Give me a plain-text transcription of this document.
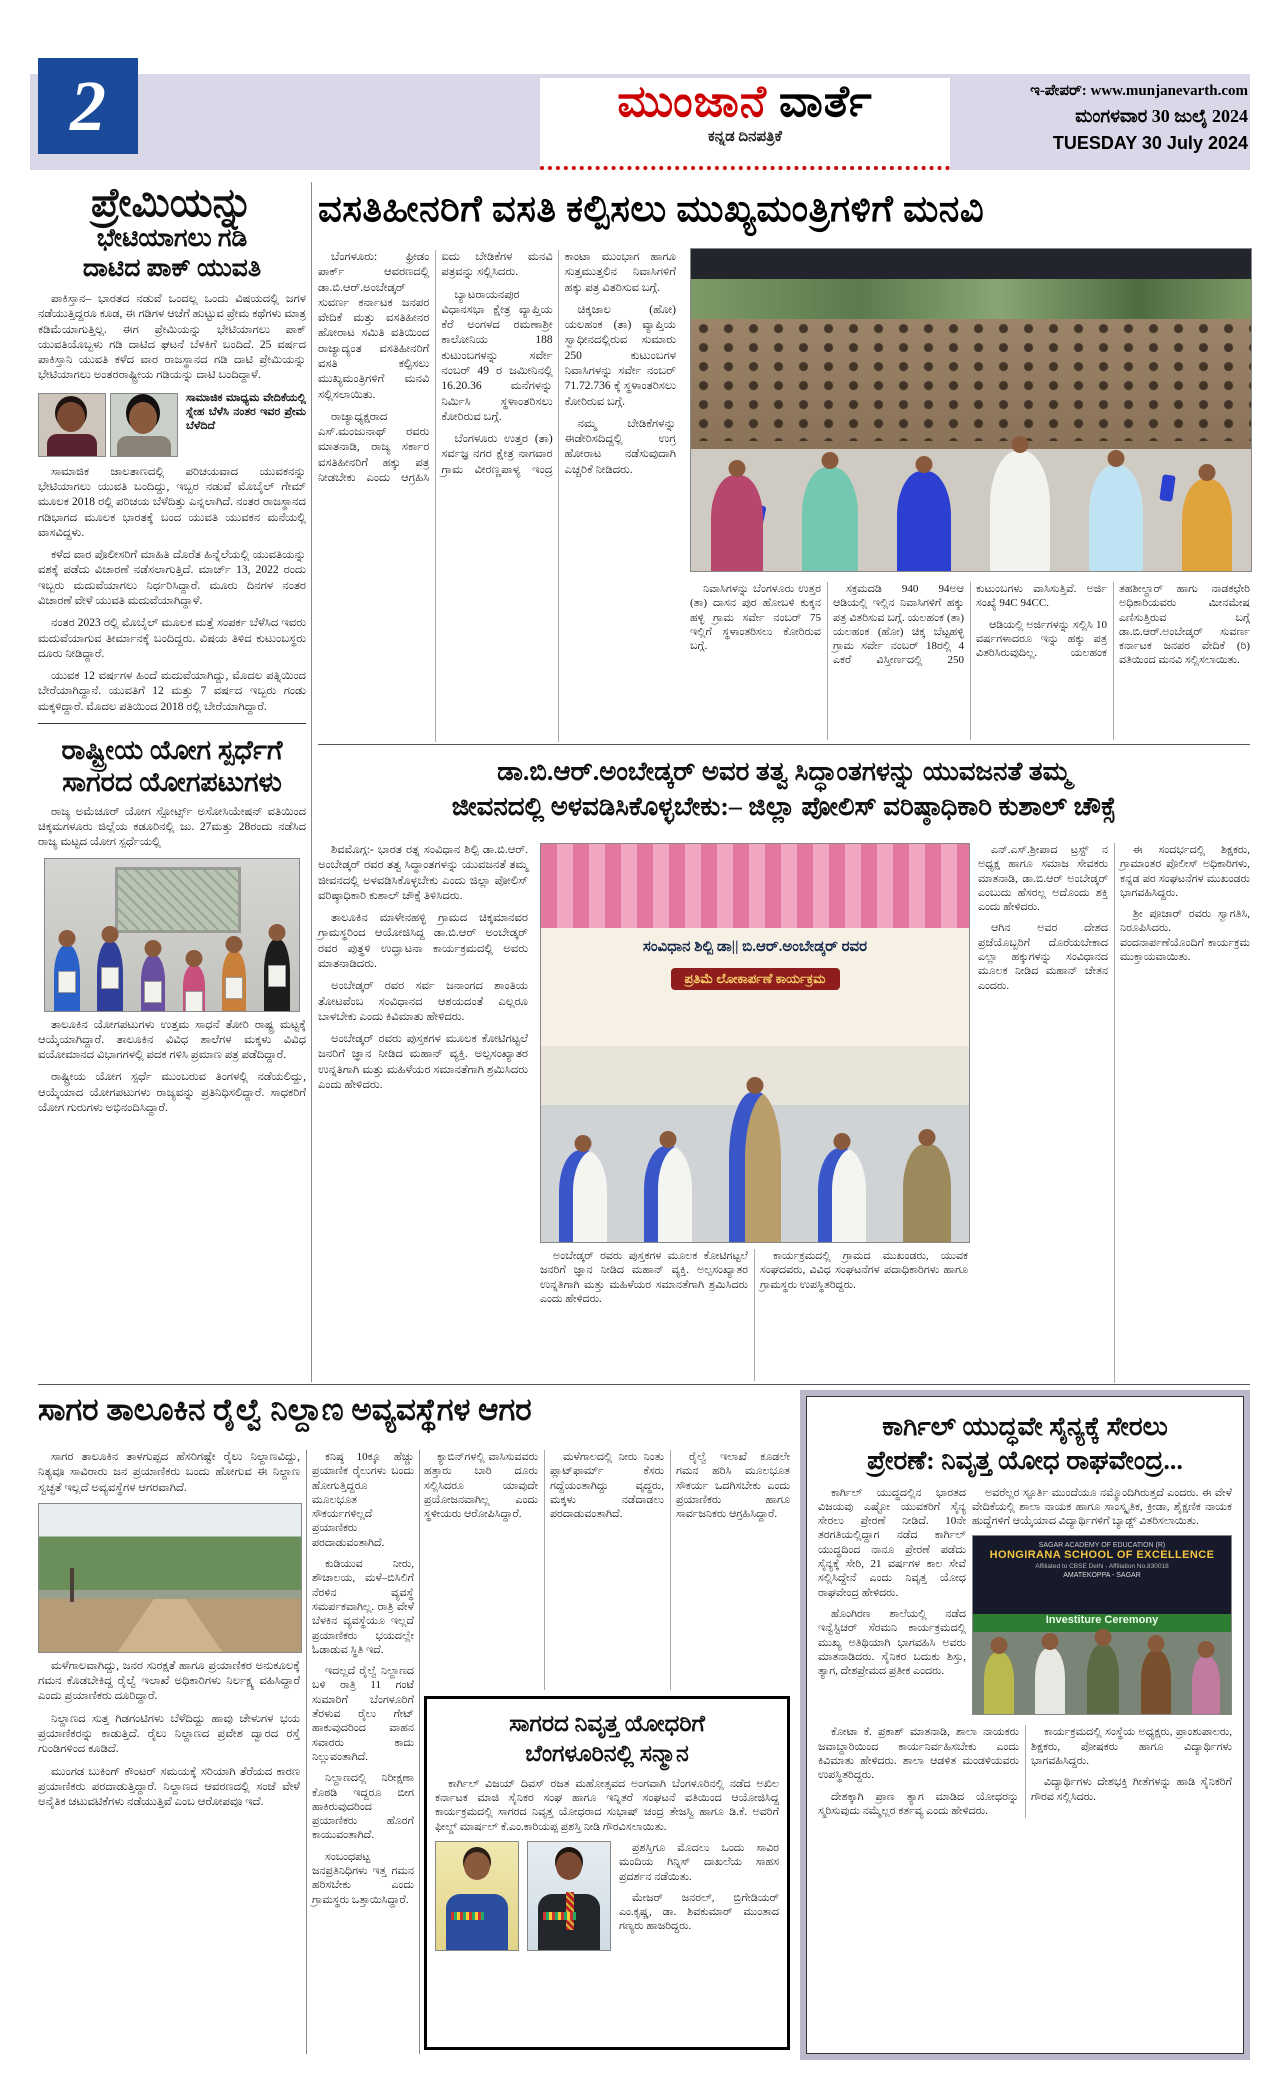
2	ಮುಂಜಾನೆ ವಾರ್ತೆ
ಕನ್ನಡ ದಿನಪತ್ರಿಕೆ
ಇ-ಪೇಪರ್: www.munjanevarth.com
ಮಂಗಳವಾರ 30 ಜುಲೈ 2024
TUESDAY 30 July 2024
ಪ್ರೇಮಿಯನ್ನು
ಭೇಟಿಯಾಗಲು ಗಡಿ
ದಾಟಿದ ಪಾಕ್ ಯುವತಿ

ಪಾಕಿಸ್ತಾನ– ಭಾರತದ ನಡುವೆ ಒಂದಲ್ಲ ಒಂದು ವಿಷಯದಲ್ಲಿ ಜಗಳ ನಡೆಯುತ್ತಿದ್ದರೂ ಕೂಡ, ಈ ಗಡಿಗಳ ಆಚೆಗೆ ಹುಟ್ಟುವ ಪ್ರೇಮ ಕಥೆಗಳು ಮಾತ್ರ ಕಡಿಮೆಯಾಗುತ್ತಿಲ್ಲ. ಈಗ ಪ್ರೇಮಿಯನ್ನು ಭೇಟಿಯಾಗಲು ಪಾಕ್ ಯುವತಿಯೊಬ್ಬಳು ಗಡಿ ದಾಟಿದ ಘಟನೆ ಬೆಳಕಿಗೆ ಬಂದಿದೆ. 25 ವರ್ಷದ ಪಾಕಿಸ್ತಾನಿ ಯುವತಿ ಕಳೆದ ವಾರ ರಾಜಸ್ಥಾನದ ಗಡಿ ದಾಟಿ ಪ್ರೇಮಿಯನ್ನು ಭೇಟಿಯಾಗಲು ಅಂತರರಾಷ್ಟ್ರೀಯ ಗಡಿಯನ್ನು ದಾಟಿ ಬಂದಿದ್ದಾಳೆ.

ಸಾಮಾಜಿಕ ಮಾಧ್ಯಮ ವೇದಿಕೆಯಲ್ಲಿ ಸ್ನೇಹ ಬೆಳೆಸಿ ನಂತರ ಇವರ ಪ್ರೇಮ ಬೆಳೆದಿದೆ

ಸಾಮಾಜಿಕ ಜಾಲತಾಣದಲ್ಲಿ ಪರಿಚಯವಾದ ಯುವಕನನ್ನು ಭೇಟಿಯಾಗಲು ಯುವತಿ ಬಂದಿದ್ದು, ಇಬ್ಬರ ನಡುವೆ ಮೊಬೈಲ್ ಗೇಮ್ ಮೂಲಕ 2018 ರಲ್ಲಿ ಪರಿಚಯ ಬೆಳೆದಿತ್ತು ಎನ್ನಲಾಗಿದೆ. ನಂತರ ರಾಜಸ್ಥಾನದ ಗಡಿಭಾಗದ ಮೂಲಕ ಭಾರತಕ್ಕೆ ಬಂದ ಯುವತಿ ಯುವಕನ ಮನೆಯಲ್ಲಿ ವಾಸವಿದ್ದಳು.

ಕಳೆದ ವಾರ ಪೊಲೀಸರಿಗೆ ಮಾಹಿತಿ ದೊರೆತ ಹಿನ್ನೆಲೆಯಲ್ಲಿ ಯುವತಿಯನ್ನು ವಶಕ್ಕೆ ಪಡೆದು ವಿಚಾರಣೆ ನಡೆಸಲಾಗುತ್ತಿದೆ. ಮಾರ್ಚ್ 13, 2022 ರಂದು ಇಬ್ಬರು ಮದುವೆಯಾಗಲು ನಿರ್ಧರಿಸಿದ್ದಾರೆ. ಮೂರು ದಿನಗಳ ನಂತರ ವಿಚಾರಣೆ ವೇಳೆ ಯುವತಿ ಮದುವೆಯಾಗಿದ್ದಾಳೆ.

ನಂತರ 2023 ರಲ್ಲಿ ಮೊಬೈಲ್ ಮೂಲಕ ಮತ್ತೆ ಸಂಪರ್ಕ ಬೆಳೆಸಿದ ಇವರು ಮದುವೆಯಾಗುವ ತೀರ್ಮಾನಕ್ಕೆ ಬಂದಿದ್ದರು. ವಿಷಯ ತಿಳಿದ ಕುಟುಂಬಸ್ಥರು ದೂರು ನೀಡಿದ್ದಾರೆ.

ಯುವಕ 12 ವರ್ಷಗಳ ಹಿಂದೆ ಮದುವೆಯಾಗಿದ್ದು, ಮೊದಲ ಪತ್ನಿಯಿಂದ ಬೇರೆಯಾಗಿದ್ದಾನೆ. ಯುವತಿಗೆ 12 ಮತ್ತು 7 ವರ್ಷದ ಇಬ್ಬರು ಗಂಡು ಮಕ್ಕಳಿದ್ದಾರೆ. ಮೊದಲ ಪತಿಯಿಂದ 2018 ರಲ್ಲಿ ಬೇರೆಯಾಗಿದ್ದಾರೆ.

ರಾಷ್ಟ್ರೀಯ ಯೋಗ ಸ್ಪರ್ಧೆಗೆ
ಸಾಗರದ ಯೋಗಪಟುಗಳು

ರಾಜ್ಯ ಅಮೆಚೂರ್ ಯೋಗ ಸ್ಪೋರ್ಟ್ಸ್ ಅಸೋಸಿಯೇಷನ್ ವತಿಯಿಂದ ಚಿಕ್ಕಮಗಳೂರು ಜಿಲ್ಲೆಯ ಕಡೂರಿನಲ್ಲಿ ಜು. 27ಮತ್ತು 28ರಂದು ನಡೆಸಿದ ರಾಜ್ಯ ಮಟ್ಟದ ಯೋಗ ಸ್ಪರ್ಧೆಯಲ್ಲಿ

ತಾಲೂಕಿನ ಯೋಗಪಟುಗಳು ಉತ್ತಮ ಸಾಧನೆ ತೋರಿ ರಾಷ್ಟ್ರ ಮಟ್ಟಕ್ಕೆ ಆಯ್ಕೆಯಾಗಿದ್ದಾರೆ. ತಾಲೂಕಿನ ವಿವಿಧ ಶಾಲೆಗಳ ಮಕ್ಕಳು ವಿವಿಧ ವಯೋಮಾನದ ವಿಭಾಗಗಳಲ್ಲಿ ಪದಕ ಗಳಿಸಿ ಪ್ರಮಾಣ ಪತ್ರ ಪಡೆದಿದ್ದಾರೆ.

ರಾಷ್ಟ್ರೀಯ ಯೋಗ ಸ್ಪರ್ಧೆ ಮುಂಬರುವ ತಿಂಗಳಲ್ಲಿ ನಡೆಯಲಿದ್ದು, ಆಯ್ಕೆಯಾದ ಯೋಗಪಟುಗಳು ರಾಜ್ಯವನ್ನು ಪ್ರತಿನಿಧಿಸಲಿದ್ದಾರೆ. ಸಾಧಕರಿಗೆ ಯೋಗ ಗುರುಗಳು ಅಭಿನಂದಿಸಿದ್ದಾರೆ.

ವಸತಿಹೀನರಿಗೆ ವಸತಿ ಕಲ್ಪಿಸಲು ಮುಖ್ಯಮಂತ್ರಿಗಳಿಗೆ ಮನವಿ

ಬೆಂಗಳೂರು: ಫ್ರೀಡಂ ಪಾರ್ಕ್ ಆವರಣದಲ್ಲಿ ಡಾ.ಬಿ.ಆರ್.ಅಂಬೇಡ್ಕರ್ ಸುವರ್ಣ ಕರ್ನಾಟಕ ಜನಪರ ವೇದಿಕೆ ಮತ್ತು ವಸತಿಹೀನರ ಹೋರಾಟ ಸಮಿತಿ ವತಿಯಿಂದ ರಾಜ್ಯಾದ್ಯಂತ ವಸತಿಹೀನರಿಗೆ ವಸತಿ ಕಲ್ಪಿಸಲು ಮುಖ್ಯಮಂತ್ರಿಗಳಿಗೆ ಮನವಿ ಸಲ್ಲಿಸಲಾಯಿತು.

ರಾಜ್ಯಾಧ್ಯಕ್ಷರಾದ ಎಸ್.ಮಂಜುನಾಥ್ ರವರು ಮಾತನಾಡಿ, ರಾಜ್ಯ ಸರ್ಕಾರ ವಸತಿಹೀನರಿಗೆ ಹಕ್ಕು ಪತ್ರ ನೀಡಬೇಕು ಎಂದು ಆಗ್ರಹಿಸಿ ಐದು ಬೇಡಿಕೆಗಳ ಮನವಿ ಪತ್ರವನ್ನು ಸಲ್ಲಿಸಿದರು.

ಬ್ಯಾಟರಾಯನಪುರ ವಿಧಾನಸಭಾ ಕ್ಷೇತ್ರ ವ್ಯಾಪ್ತಿಯ ಕೆರೆ ಅಂಗಳದ ರಮಣಾಶ್ರೀ ಕಾಲೋನಿಯ 188 ಕುಟುಂಬಗಳನ್ನು ಸರ್ವೇ ನಂಬರ್ 49 ರ ಜಮೀನಿನಲ್ಲಿ 16.20.36 ಮನೆಗಳನ್ನು ನಿರ್ಮಿಸಿ ಸ್ಥಳಾಂತರಿಸಲು ಕೋರಿರುವ ಬಗ್ಗೆ.

ಬೆಂಗಳೂರು ಉತ್ತರ (ತಾ) ಸರ್ವಜ್ಞ ನಗರ ಕ್ಷೇತ್ರ ನಾಗವಾರ ಗ್ರಾಮ ವೀರಣ್ಣಪಾಳ್ಯ ಇಂದ್ರ ಕಾಂಟಾ ಮುಂಭಾಗ ಹಾಗೂ ಸುತ್ತಮುತ್ತಲಿನ ನಿವಾಸಿಗಳಿಗೆ ಹಕ್ಕು ಪತ್ರ ವಿತರಿಸುವ ಬಗ್ಗೆ.

ಚಿಕ್ಕಜಾಲ (ಹೋ) ಯಲಹಂಕ (ತಾ) ವ್ಯಾಪ್ತಿಯ ಸ್ವಾಧೀನದಲ್ಲಿರುವ ಸುಮಾರು 250 ಕುಟುಂಬಗಳ ನಿವಾಸಿಗಳನ್ನು ಸರ್ವೇ ನಂಬರ್ 71.72.736 ಕ್ಕೆ ಸ್ಥಳಾಂತರಿಸಲು ಕೋರಿರುವ ಬಗ್ಗೆ.

ನಮ್ಮ ಬೇಡಿಕೆಗಳನ್ನು ಈಡೇರಿಸದಿದ್ದಲ್ಲಿ ಉಗ್ರ ಹೋರಾಟ ನಡೆಸುವುದಾಗಿ ಎಚ್ಚರಿಕೆ ನೀಡಿದರು.

ನಿವಾಸಿಗಳನ್ನು ಬೆಂಗಳೂರು ಉತ್ತರ (ತಾ) ದಾಸನ ಪುರ ಹೋಬಳಿ ಕುಕ್ಕನ ಹಳ್ಳಿ ಗ್ರಾಮ ಸರ್ವೇ ನಂಬರ್ 75 ಇಲ್ಲಿಗೆ ಸ್ಥಳಾಂತರಿಸಲು ಕೋರಿರುವ ಬಗ್ಗೆ.

ಸಕ್ರಮದಡಿ 940 94ಅಆ ಆಡಿಯಲ್ಲಿ ಇಲ್ಲಿನ ನಿವಾಸಿಗಳಿಗೆ ಹಕ್ಕು ಪತ್ರ ವಿತರಿಸುವ ಬಗ್ಗೆ. ಯಲಹಂಕ (ತಾ) ಯಲಹಂಕ (ಹೋ) ಚಿಕ್ಕ ಬೆಟ್ಟಹಳ್ಳಿ ಗ್ರಾಮ ಸರ್ವೇ ನಂಬರ್ 18ರಲ್ಲಿ 4 ಎಕರೆ ವಿಸ್ತೀರ್ಣದಲ್ಲಿ 250 ಕುಟುಂಬಗಳು ವಾಸಿಸುತ್ತಿವೆ. ಅರ್ಜಿ ಸಂಖ್ಯೆ 94C 94CC.

ಆಡಿಯಲ್ಲಿ ಅರ್ಜಿಗಳನ್ನು ಸಲ್ಲಿಸಿ 10 ವರ್ಷಗಳಾದರೂ ಇನ್ನು ಹಕ್ಕು ಪತ್ರ ವಿತರಿಸಿರುವುದಿಲ್ಲ. ಯಲಹಂಕ ತಹಶೀಲ್ದಾರ್ ಹಾಗು ನಾಡಕಛೇರಿ ಅಧಿಕಾರಿಯವರು ಮೀನಮೇಷ ಎಣಿಸುತ್ತಿರುವ ಬಗ್ಗೆ ಡಾ.ಬಿ.ಆರ್.ಅಂಬೇಡ್ಕರ್ ಸುವರ್ಣ ಕರ್ನಾಟಕ ಜನಪರ ವೇದಿಕೆ (ರಿ) ವತಿಯಿಂದ ಮನವಿ ಸಲ್ಲಿಸಲಾಯಿತು.

ಡಾ.ಬಿ.ಆರ್.ಅಂಬೇಡ್ಕರ್ ಅವರ ತತ್ವ ಸಿದ್ಧಾಂತಗಳನ್ನು ಯುವಜನತೆ ತಮ್ಮ
ಜೀವನದಲ್ಲಿ ಅಳವಡಿಸಿಕೊಳ್ಳಬೇಕು:– ಜಿಲ್ಲಾ ಪೋಲಿಸ್ ವರಿಷ್ಠಾಧಿಕಾರಿ ಕುಶಾಲ್ ಚೌಕ್ಸೆ

ಶಿವಮೊಗ್ಗ:- ಭಾರತ ರತ್ನ ಸಂವಿಧಾನ ಶಿಲ್ಪಿ ಡಾ.ಬಿ.ಆರ್. ಅಂಬೇಡ್ಕರ್ ರವರ ತತ್ವ ಸಿದ್ಧಾಂತಗಳನ್ನು ಯುವಜನತೆ ತಮ್ಮ ಜೀವನದಲ್ಲಿ ಅಳವಡಿಸಿಕೊಳ್ಳಬೇಕು ಎಂದು ಜಿಲ್ಲಾ ಪೋಲಿಸ್ ವರಿಷ್ಠಾಧಿಕಾರಿ ಕುಶಾಲ್ ಚೌಕ್ಸೆ ತಿಳಿಸಿದರು.

ತಾಲೂಕಿನ ಮಾಳೇನಹಳ್ಳಿ ಗ್ರಾಮದ ಚಿಕ್ಕಮಾನವರ ಗ್ರಾಮಸ್ಥರಿಂದ ಆಯೋಜಿಸಿದ್ದ ಡಾ.ಬಿ.ಆರ್ ಅಂಬೇಡ್ಕರ್ ರವರ ಪುತ್ಥಳಿ ಉದ್ಘಾಟನಾ ಕಾರ್ಯಕ್ರಮದಲ್ಲಿ ಅವರು ಮಾತನಾಡಿದರು.

ಅಂಬೇಡ್ಕರ್ ರವರ ಸರ್ವ ಜನಾಂಗದ ಶಾಂತಿಯ ತೋಟವೆಂಬ ಸಂವಿಧಾನದ ಆಶಯದಂತೆ ಎಲ್ಲರೂ ಬಾಳಬೇಕು ಎಂದು ಕಿವಿಮಾತು ಹೇಳಿದರು.

ಅಂಬೇಡ್ಕರ್ ರವರು ಪುಸ್ತಕಗಳ ಮೂಲಕ ಕೋಟಿಗಟ್ಟಲೆ ಜನರಿಗೆ ಜ್ಞಾನ ನೀಡಿದ ಮಹಾನ್ ವ್ಯಕ್ತಿ. ಅಲ್ಪಸಂಖ್ಯಾತರ ಉನ್ನತಿಗಾಗಿ ಮತ್ತು ಮಹಿಳೆಯರ ಸಮಾನತೆಗಾಗಿ ಶ್ರಮಿಸಿದರು ಎಂದು ಹೇಳಿದರು.

ಸಂವಿಧಾನ ಶಿಲ್ಪಿ ಡಾ|| ಬಿ.ಆರ್.ಅಂಬೇಡ್ಕರ್ ರವರ
ಪ್ರತಿಮೆ ಲೋಕಾರ್ಪಣೆ ಕಾರ್ಯಕ್ರಮ

ಎನ್.ಎಸ್.ಶ್ರೀಪಾದ ಟ್ರಸ್ಟ್ ನ ಅಧ್ಯಕ್ಷ ಹಾಗೂ ಸಮಾಜ ಸೇವಕರು ಮಾತನಾಡಿ, ಡಾ.ಬಿ.ಆರ್ ಅಂಬೇಡ್ಕರ್ ಎಂಬುದು ಹೆಸರಲ್ಲ ಅದೊಂದು ಶಕ್ತಿ ಎಂದು ಹೇಳಿದರು.

ಆಗಿನ ಅವರ ದೇಶದ ಪ್ರಜೆಯೊಬ್ಬರಿಗೆ ದೊರೆಯಬೇಕಾದ ಎಲ್ಲಾ ಹಕ್ಕುಗಳನ್ನು ಸಂವಿಧಾನದ ಮೂಲಕ ನೀಡಿದ ಮಹಾನ್ ಚೇತನ ಎಂದರು.

ಈ ಸಂದರ್ಭದಲ್ಲಿ ಶಿಕ್ಷಕರು, ಗ್ರಾಮಾಂತರ ಪೊಲೀಸ್ ಅಧಿಕಾರಿಗಳು, ಕನ್ನಡ ಪರ ಸಂಘಟನೆಗಳ ಮುಖಂಡರು ಭಾಗವಹಿಸಿದ್ದರು.

ಶ್ರೀ ಪೂಜಾರ್ ರವರು ಸ್ವಾಗತಿಸಿ, ನಿರೂಪಿಸಿದರು. ವಂದನಾರ್ಪಣೆಯೊಂದಿಗೆ ಕಾರ್ಯಕ್ರಮ ಮುಕ್ತಾಯವಾಯಿತು.

ಅಂಬೇಡ್ಕರ್ ರವರು ಪುಸ್ತಕಗಳ ಮೂಲಕ ಕೋಟಿಗಟ್ಟಲೆ ಜನರಿಗೆ ಜ್ಞಾನ ನೀಡಿದ ಮಹಾನ್ ವ್ಯಕ್ತಿ. ಅಲ್ಪಸಂಖ್ಯಾತರ ಉನ್ನತಿಗಾಗಿ ಮತ್ತು ಮಹಿಳೆಯರ ಸಮಾನತೆಗಾಗಿ ಶ್ರಮಿಸಿದರು ಎಂದು ಹೇಳಿದರು.

ಕಾರ್ಯಕ್ರಮದಲ್ಲಿ ಗ್ರಾಮದ ಮುಖಂಡರು, ಯುವಕ ಸಂಘದವರು, ವಿವಿಧ ಸಂಘಟನೆಗಳ ಪದಾಧಿಕಾರಿಗಳು ಹಾಗೂ ಗ್ರಾಮಸ್ಥರು ಉಪಸ್ಥಿತರಿದ್ದರು.

ಸಾಗರ ತಾಲೂಕಿನ ರೈಲ್ವೆ ನಿಲ್ದಾಣ ಅವ್ಯವಸ್ಥೆಗಳ ಆಗರ

ಸಾಗರ ತಾಲೂಕಿನ ತಾಳಗುಪ್ಪದ ಹೆಸರಿಗಷ್ಟೇ ರೈಲು ನಿಲ್ದಾಣವಿದ್ದು, ನಿತ್ಯವೂ ಸಾವಿರಾರು ಜನ ಪ್ರಯಾಣಿಕರು ಬಂದು ಹೋಗುವ ಈ ನಿಲ್ದಾಣ ಸ್ವಚ್ಛತೆ ಇಲ್ಲದೆ ಅವ್ಯವಸ್ಥೆಗಳ ಆಗರವಾಗಿದೆ.

ಮಳೆಗಾಲವಾಗಿದ್ದು, ಜನರ ಸುರಕ್ಷತೆ ಹಾಗೂ ಪ್ರಯಾಣಿಕರ ಅನುಕೂಲಕ್ಕೆ ಗಮನ ಕೊಡಬೇಕಿದ್ದ ರೈಲ್ವೆ ಇಲಾಖೆ ಅಧಿಕಾರಿಗಳು ನಿರ್ಲಕ್ಷ್ಯ ವಹಿಸಿದ್ದಾರೆ ಎಂದು ಪ್ರಯಾಣಿಕರು ದೂರಿದ್ದಾರೆ.

ನಿಲ್ದಾಣದ ಸುತ್ತ ಗಿಡಗಂಟಿಗಳು ಬೆಳೆದಿದ್ದು ಹಾವು ಚೇಳುಗಳ ಭಯ ಪ್ರಯಾಣಿಕರನ್ನು ಕಾಡುತ್ತಿದೆ. ರೈಲು ನಿಲ್ದಾಣದ ಪ್ರವೇಶ ದ್ವಾರದ ರಸ್ತೆ ಗುಂಡಿಗಳಿಂದ ಕೂಡಿದೆ.

ಮುಂಗಡ ಬುಕಿಂಗ್ ಕೌಂಟರ್ ಸಮಯಕ್ಕೆ ಸರಿಯಾಗಿ ತೆರೆಯದ ಕಾರಣ ಪ್ರಯಾಣಿಕರು ಪರದಾಡುತ್ತಿದ್ದಾರೆ. ನಿಲ್ದಾಣದ ಆವರಣದಲ್ಲಿ ಸಂಜೆ ವೇಳೆ ಅನೈತಿಕ ಚಟುವಟಿಕೆಗಳು ನಡೆಯುತ್ತಿವೆ ಎಂಬ ಆರೋಪವೂ ಇದೆ.

ಕನಿಷ್ಠ 10ಕ್ಕೂ ಹೆಚ್ಚು ಪ್ರಯಾಣಿಕ ರೈಲುಗಳು ಬಂದು ಹೋಗುತ್ತಿದ್ದರೂ ಮೂಲಭೂತ ಸೌಕರ್ಯಗಳಿಲ್ಲದೆ ಪ್ರಯಾಣಿಕರು ಪರದಾಡುವಂತಾಗಿದೆ.

ಕುಡಿಯುವ ನೀರು, ಶೌಚಾಲಯ, ಮಳೆ–ಬಿಸಿಲಿಗೆ ನೆರಳಿನ ವ್ಯವಸ್ಥೆ ಸಮರ್ಪಕವಾಗಿಲ್ಲ. ರಾತ್ರಿ ವೇಳೆ ಬೆಳಕಿನ ವ್ಯವಸ್ಥೆಯೂ ಇಲ್ಲದೆ ಪ್ರಯಾಣಿಕರು ಭಯದಲ್ಲೇ ಓಡಾಡುವ ಸ್ಥಿತಿ ಇದೆ.

ಇದಲ್ಲದೆ ರೈಲ್ವೆ ನಿಲ್ದಾಣದ ಬಳಿ ರಾತ್ರಿ 11 ಗಂಟೆ ಸುಮಾರಿಗೆ ಬೆಂಗಳೂರಿಗೆ ತೆರಳುವ ರೈಲು ಗೇಟ್ ಹಾಕುವುದರಿಂದ ವಾಹನ ಸವಾರರು ಕಾದು ನಿಲ್ಲುವಂತಾಗಿದೆ.

ನಿಲ್ದಾಣದಲ್ಲಿ ನಿರೀಕ್ಷಣಾ ಕೊಠಡಿ ಇದ್ದರೂ ಬೀಗ ಹಾಕಿರುವುದರಿಂದ ಪ್ರಯಾಣಿಕರು ಹೊರಗೆ ಕಾಯುವಂತಾಗಿದೆ.

ಸಂಬಂಧಪಟ್ಟ ಜನಪ್ರತಿನಿಧಿಗಳು ಇತ್ತ ಗಮನ ಹರಿಸಬೇಕು ಎಂದು ಗ್ರಾಮಸ್ಥರು ಒತ್ತಾಯಿಸಿದ್ದಾರೆ.

ಕ್ಯಾಬಿನ್‌ಗಳಲ್ಲಿ ವಾಸಿಸುವವರು ಹತ್ತಾರು ಬಾರಿ ದೂರು ಸಲ್ಲಿಸಿದರೂ ಯಾವುದೇ ಪ್ರಯೋಜನವಾಗಿಲ್ಲ ಎಂದು ಸ್ಥಳೀಯರು ಆರೋಪಿಸಿದ್ದಾರೆ.

ಮಳೆಗಾಲದಲ್ಲಿ ನೀರು ನಿಂತು ಪ್ಲಾಟ್‌ಫಾರ್ಮ್ ಕೆಸರು ಗದ್ದೆಯಂತಾಗಿದ್ದು ವೃದ್ಧರು, ಮಕ್ಕಳು ನಡೆದಾಡಲು ಪರದಾಡುವಂತಾಗಿದೆ.

ರೈಲ್ವೆ ಇಲಾಖೆ ಕೂಡಲೇ ಗಮನ ಹರಿಸಿ ಮೂಲಭೂತ ಸೌಕರ್ಯ ಒದಗಿಸಬೇಕು ಎಂದು ಪ್ರಯಾಣಿಕರು ಹಾಗೂ ಸಾರ್ವಜನಿಕರು ಆಗ್ರಹಿಸಿದ್ದಾರೆ.

ಸಾಗರದ ನಿವೃತ್ತ ಯೋಧರಿಗೆ
ಬೆಂಗಳೂರಿನಲ್ಲಿ ಸನ್ಮಾನ

ಕಾರ್ಗಿಲ್ ವಿಜಯ್ ದಿವಸ್ ರಜತ ಮಹೋತ್ಸವದ ಅಂಗವಾಗಿ ಬೆಂಗಳೂರಿನಲ್ಲಿ ನಡೆದ ಅಖಿಲ ಕರ್ನಾಟಕ ಮಾಜಿ ಸೈನಿಕರ ಸಂಘ ಹಾಗೂ ಇನ್ನಿತರೆ ಸಂಘಟನೆ ವತಿಯಿಂದ ಆಯೋಜಿಸಿದ್ದ ಕಾರ್ಯಕ್ರಮದಲ್ಲಿ ಸಾಗರದ ನಿವೃತ್ತ ಯೋಧರಾದ ಸುಭಾಷ್ ಚಂದ್ರ ತೇಜಸ್ವಿ ಹಾಗೂ ಡಿ.ಕೆ. ಅವರಿಗೆ ಫೀಲ್ಡ್ ಮಾರ್ಷಲ್ ಕೆ.ಎಂ.ಕಾರಿಯಪ್ಪ ಪ್ರಶಸ್ತಿ ನೀಡಿ ಗೌರವಿಸಲಾಯಿತು.

ಪ್ರಶಸ್ತಿಗೂ ಮೊದಲು ಒಂದು ಸಾವಿರ ಮಂದಿಯ ಗಿನ್ನಿಸ್ ದಾಖಲೆಯ ಸಾಹಸ ಪ್ರದರ್ಶನ ನಡೆಯಿತು.

ಮೇಜರ್ ಜನರಲ್, ಬ್ರಿಗೇಡಿಯರ್ ಎಂ.ಕೃಷ್ಣ, ಡಾ. ಶಿವಕುಮಾರ್ ಮುಂತಾದ ಗಣ್ಯರು ಹಾಜರಿದ್ದರು.

ಕಾರ್ಗಿಲ್ ಯುದ್ಧವೇ ಸೈನ್ಯಕ್ಕೆ ಸೇರಲು
ಪ್ರೇರಣೆ: ನಿವೃತ್ತ ಯೋಧ ರಾಘವೇಂದ್ರ...

ಕಾರ್ಗಿಲ್ ಯುದ್ಧದಲ್ಲಿನ ಭಾರತದ ವಿಜಯವು ಎಷ್ಟೋ ಯುವಕರಿಗೆ ಸೈನ್ಯ ಸೇರಲು ಪ್ರೇರಣೆ ನೀಡಿದೆ. 10ನೇ ತರಗತಿಯಲ್ಲಿದ್ದಾಗ ನಡೆದ ಕಾರ್ಗಿಲ್ ಯುದ್ಧದಿಂದ ನಾನೂ ಪ್ರೇರಣೆ ಪಡೆದು ಸೈನ್ಯಕ್ಕೆ ಸೇರಿ, 21 ವರ್ಷಗಳ ಕಾಲ ಸೇವೆ ಸಲ್ಲಿಸಿದ್ದೇನೆ ಎಂದು ನಿವೃತ್ತ ಯೋಧ ರಾಘವೇಂದ್ರ ಹೇಳಿದರು.

ಹೊಂಗಿರಣ ಶಾಲೆಯಲ್ಲಿ ನಡೆದ ಇನ್ವೆಸ್ಟಿಚರ್ ಸೆರಮನಿ ಕಾರ್ಯಕ್ರಮದಲ್ಲಿ ಮುಖ್ಯ ಅತಿಥಿಯಾಗಿ ಭಾಗವಹಿಸಿ ಅವರು ಮಾತನಾಡಿದರು. ಸೈನಿಕರ ಬದುಕು ಶಿಸ್ತು, ತ್ಯಾಗ, ದೇಶಪ್ರೇಮದ ಪ್ರತೀಕ ಎಂದರು.

ಅವರೆಲ್ಲರ ಸ್ಫೂರ್ತಿ ಮುಂದೆಯೂ ನಮ್ಮೊಂದಿಗಿರುತ್ತದೆ ಎಂದರು. ಈ ವೇಳೆ ವೇದಿಕೆಯಲ್ಲಿ ಶಾಲಾ ನಾಯಕ ಹಾಗೂ ಸಾಂಸ್ಕೃತಿಕ, ಕ್ರೀಡಾ, ಶೈಕ್ಷಣಿಕ ನಾಯಕ ಹುದ್ದೆಗಳಿಗೆ ಆಯ್ಕೆಯಾದ ವಿದ್ಯಾರ್ಥಿಗಳಿಗೆ ಬ್ಯಾಡ್ಜ್ ವಿತರಿಸಲಾಯಿತು.

SAGAR ACADEMY OF EDUCATION (R)
HONGIRANA SCHOOL OF EXCELLENCE
Affiliated to CBSE Delhi - Affiliation No.830018
AMATEKOPPA - SAGAR
Investiture Ceremony

ಕೋಟಾ ಕೆ. ಪ್ರಕಾಶ್ ಮಾತನಾಡಿ, ಶಾಲಾ ನಾಯಕರು ಜವಾಬ್ದಾರಿಯಿಂದ ಕಾರ್ಯನಿರ್ವಹಿಸಬೇಕು ಎಂದು ಕಿವಿಮಾತು ಹೇಳಿದರು. ಶಾಲಾ ಆಡಳಿತ ಮಂಡಳಿಯವರು ಉಪಸ್ಥಿತರಿದ್ದರು.

ದೇಶಕ್ಕಾಗಿ ಪ್ರಾಣ ತ್ಯಾಗ ಮಾಡಿದ ಯೋಧರನ್ನು ಸ್ಮರಿಸುವುದು ನಮ್ಮೆಲ್ಲರ ಕರ್ತವ್ಯ ಎಂದು ಹೇಳಿದರು.

ಕಾರ್ಯಕ್ರಮದಲ್ಲಿ ಸಂಸ್ಥೆಯ ಅಧ್ಯಕ್ಷರು, ಪ್ರಾಂಶುಪಾಲರು, ಶಿಕ್ಷಕರು, ಪೋಷಕರು ಹಾಗೂ ವಿದ್ಯಾರ್ಥಿಗಳು ಭಾಗವಹಿಸಿದ್ದರು.

ವಿದ್ಯಾರ್ಥಿಗಳು ದೇಶಭಕ್ತಿ ಗೀತೆಗಳನ್ನು ಹಾಡಿ ಸೈನಿಕರಿಗೆ ಗೌರವ ಸಲ್ಲಿಸಿದರು.
